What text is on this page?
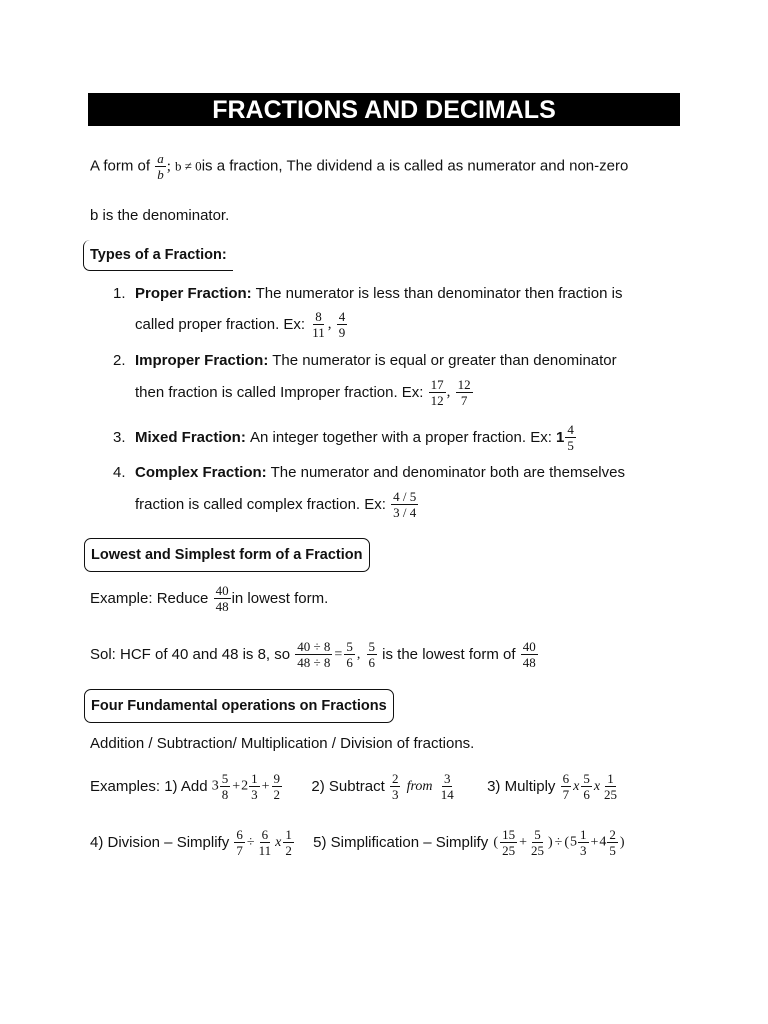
FRACTIONS AND DECIMALS
A form of $\frac{a}{b}$ ; b ≠ 0is a fraction, The dividend a is called as numerator and non-zero
b is the denominator.
Types of a Fraction:
1. Proper Fraction: The numerator is less than denominator then fraction is
called proper fraction. Ex: $\frac{8}{11}$ , $\frac{4}{9}$
2. Improper Fraction: The numerator is equal or greater than denominator
then fraction is called Improper fraction. Ex: $\frac{17}{12}$ , $\frac{12}{7}$
3. Mixed Fraction: An integer together with a proper fraction. Ex: $1 \frac{4}{5}$
4. Complex Fraction: The numerator and denominator both are themselves
fraction is called complex fraction. Ex: $\frac{4 / 5}{3 / 4}$
Lowest and Simplest form of a Fraction
Example: Reduce $\frac{40}{48}$ in lowest form.
Sol: HCF of 40 and 48 is 8, so $\frac{40 \div 8}{48 \div 8} = \frac{5}{6}$ , $\frac{5}{6}$ is the lowest form of $\frac{40}{48}$
Four Fundamental operations on Fractions
Addition / Subtraction/ Multiplication / Division of fractions.
Examples: 1) Add $3 \frac{5}{8} +2 \frac{1}{3} + \frac{9}{2} 2$) Subtract $\frac{2}{3}$ from $\frac{3}{14} 3$) Multiply $\frac{6}{7}$ x $\frac{5}{6}$ x $\frac{1}{25}$
4) Division – Simplify $\frac{6}{7} \div \frac{6}{11}$ x $\frac{1}{2} 5$) Simplification – Simplify ( $\frac{15}{25} + \frac{5}{25}$ ) ÷ ($5 \frac{1}{3} +4 \frac{2}{5}$ )
